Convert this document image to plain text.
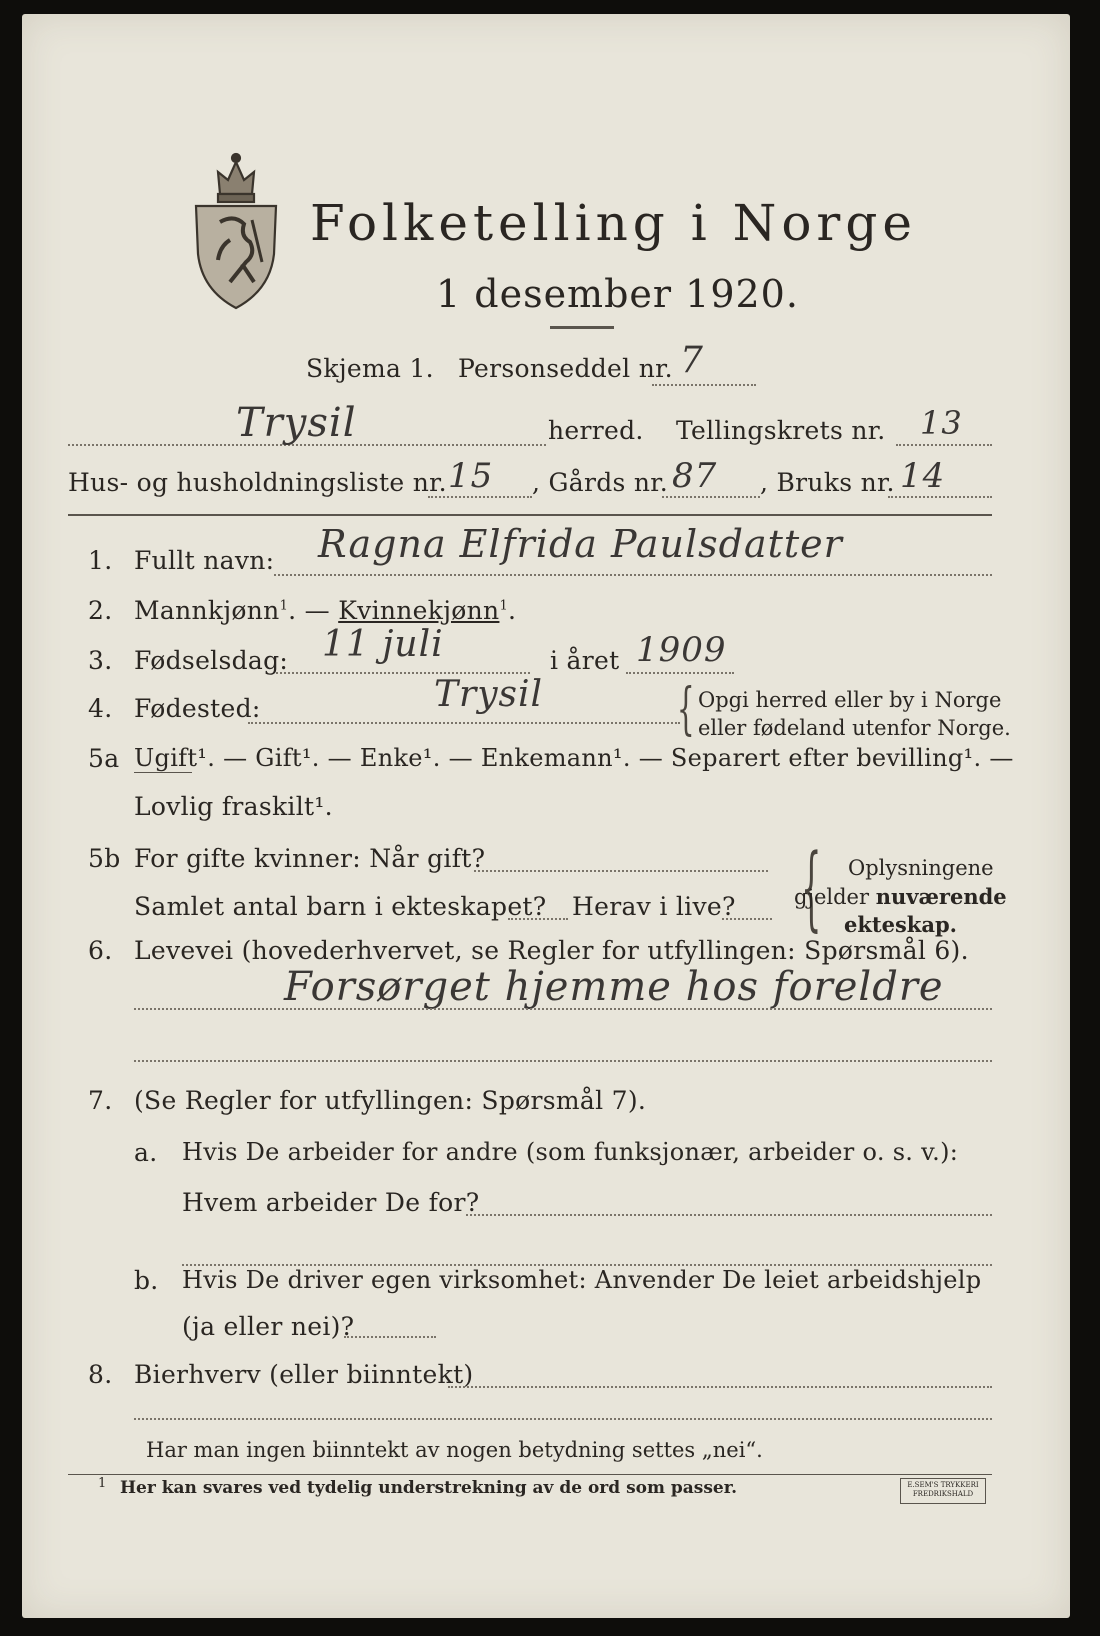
Folketelling i Norge
1 desember 1920.
Skjema 1. Personseddel nr. 7
Trysil	herred. Tellingskrets nr. 13
Hus- og husholdningsliste nr. 15 , Gårds nr. 87 , Bruks nr. 14
1. Fullt navn: Ragna Elfrida Paulsdatter
2. Mannkjønn$^1$. — Kvinnekjønn$^1$.
3. Fødselsdag: 11 juli	i året 1909
4. Fødested:	Trysil { Opgi herred eller by i Norge
eller fødeland utenfor Norge.
5a Ugift¹. — Gift¹. — Enke¹. — Enkemann¹. — Separert efter bevilling¹. —
Lovlig fraskilt¹.
5b For gifte kvinner: Når gift?
Samlet antal barn i ekteskapet? Herav i live? { Oplysningene
gjelder nuværende
ekteskap.
6. Levevei (hovederhvervet, se Regler for utfyllingen: Spørsmål 6).
Forsørget hjemme hos foreldre
7. (Se Regler for utfyllingen: Spørsmål 7).
a. Hvis De arbeider for andre (som funksjonær, arbeider o. s. v.):
Hvem arbeider De for?
b. Hvis De driver egen virksomhet: Anvender De leiet arbeidshjelp
(ja eller nei)?
8. Bierhverv (eller biinntekt)
Har man ingen biinntekt av nogen betydning settes „nei“.
1 Her kan svares ved tydelig understrekning av de ord som passer.	E.SEM'S TRYKKERI FREDRIKSHALD
